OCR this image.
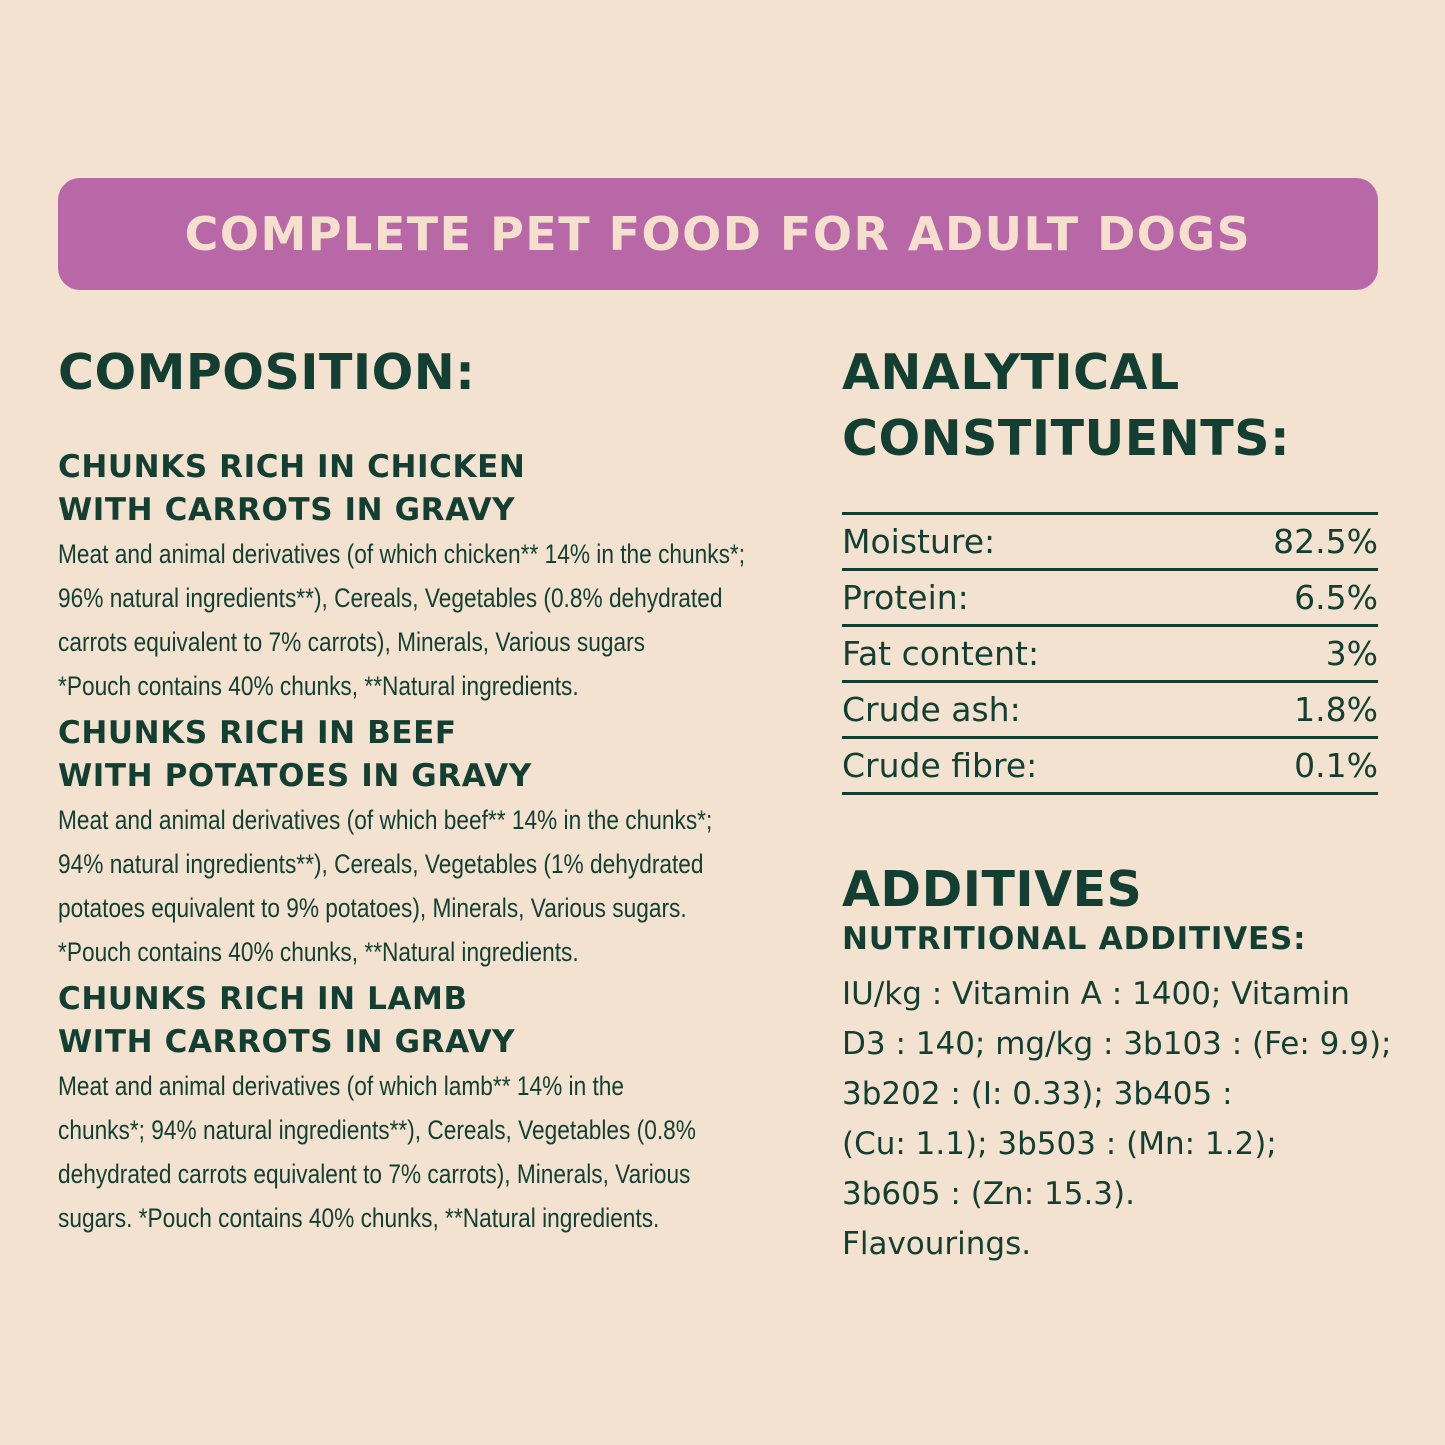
COMPLETE PET FOOD FOR ADULT DOGS
COMPOSITION:
CHUNKS RICH IN CHICKEN
WITH CARROTS IN GRAVY
Meat and animal derivatives (of which chicken** 14% in the chunks*;
96% natural ingredients**), Cereals, Vegetables (0.8% dehydrated
carrots equivalent to 7% carrots), Minerals, Various sugars
*Pouch contains 40% chunks, **Natural ingredients.
CHUNKS RICH IN BEEF
WITH POTATOES IN GRAVY
Meat and animal derivatives (of which beef** 14% in the chunks*;
94% natural ingredients**), Cereals, Vegetables (1% dehydrated
potatoes equivalent to 9% potatoes), Minerals, Various sugars.
*Pouch contains 40% chunks, **Natural ingredients.
CHUNKS RICH IN LAMB
WITH CARROTS IN GRAVY
Meat and animal derivatives (of which lamb** 14% in the
chunks*; 94% natural ingredients**), Cereals, Vegetables (0.8%
dehydrated carrots equivalent to 7% carrots), Minerals, Various
sugars. *Pouch contains 40% chunks, **Natural ingredients.
ANALYTICAL
CONSTITUENTS:
Moisture:	82.5%
Protein:	6.5%
Fat content:	3%
Crude ash:	1.8%
Crude fibre:	0.1%
ADDITIVES
NUTRITIONAL ADDITIVES:
IU/kg : Vitamin A : 1400; Vitamin
D3 : 140; mg/kg : 3b103 : (Fe: 9.9);
3b202 : (I: 0.33); 3b405 :
(Cu: 1.1); 3b503 : (Mn: 1.2);
3b605 : (Zn: 15.3).
Flavourings.
